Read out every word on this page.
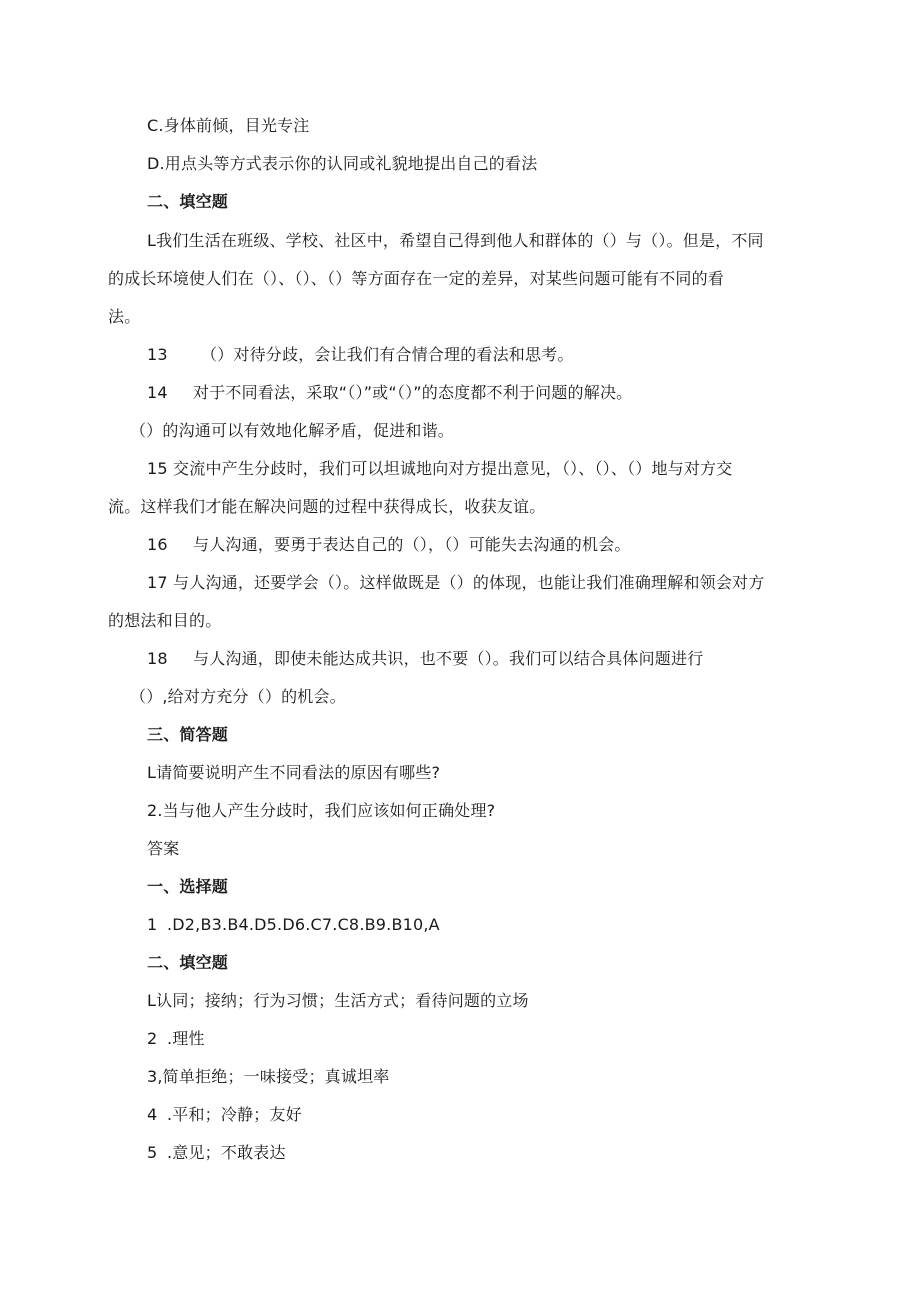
C.身体前倾，目光专注
D.用点头等方式表示你的认同或礼貌地提出自己的看法
二、填空题
L我们生活在班级、学校、社区中，希望自己得到他人和群体的（）与（）。但是，不同
的成长环境使人们在（）、（）、（）等方面存在一定的差异，对某些问题可能有不同的看
法。
13 （）对待分歧，会让我们有合情合理的看法和思考。
14 对于不同看法，采取“（）”或“（）”的态度都不利于问题的解决。
（）的沟通可以有效地化解矛盾，促进和谐。
15 交流中产生分歧时，我们可以坦诚地向对方提出意见，（）、（）、（）地与对方交
流。这样我们才能在解决问题的过程中获得成长，收获友谊。
16 与人沟通，要勇于表达自己的（），（）可能失去沟通的机会。
17 与人沟通，还要学会（）。这样做既是（）的体现，也能让我们准确理解和领会对方
的想法和目的。
18 与人沟通，即使未能达成共识，也不要（）。我们可以结合具体问题进行
（）,给对方充分（）的机会。
三、简答题
L请简要说明产生不同看法的原因有哪些?
2.当与他人产生分歧时，我们应该如何正确处理?
答案
一、选择题
1 .D2,B3.B4.D5.D6.C7.C8.B9.B10,A
二、填空题
L认同；接纳；行为习惯；生活方式；看待问题的立场
2 .理性
3,简单拒绝；一味接受；真诚坦率
4 .平和；冷静；友好
5 .意见；不敢表达
